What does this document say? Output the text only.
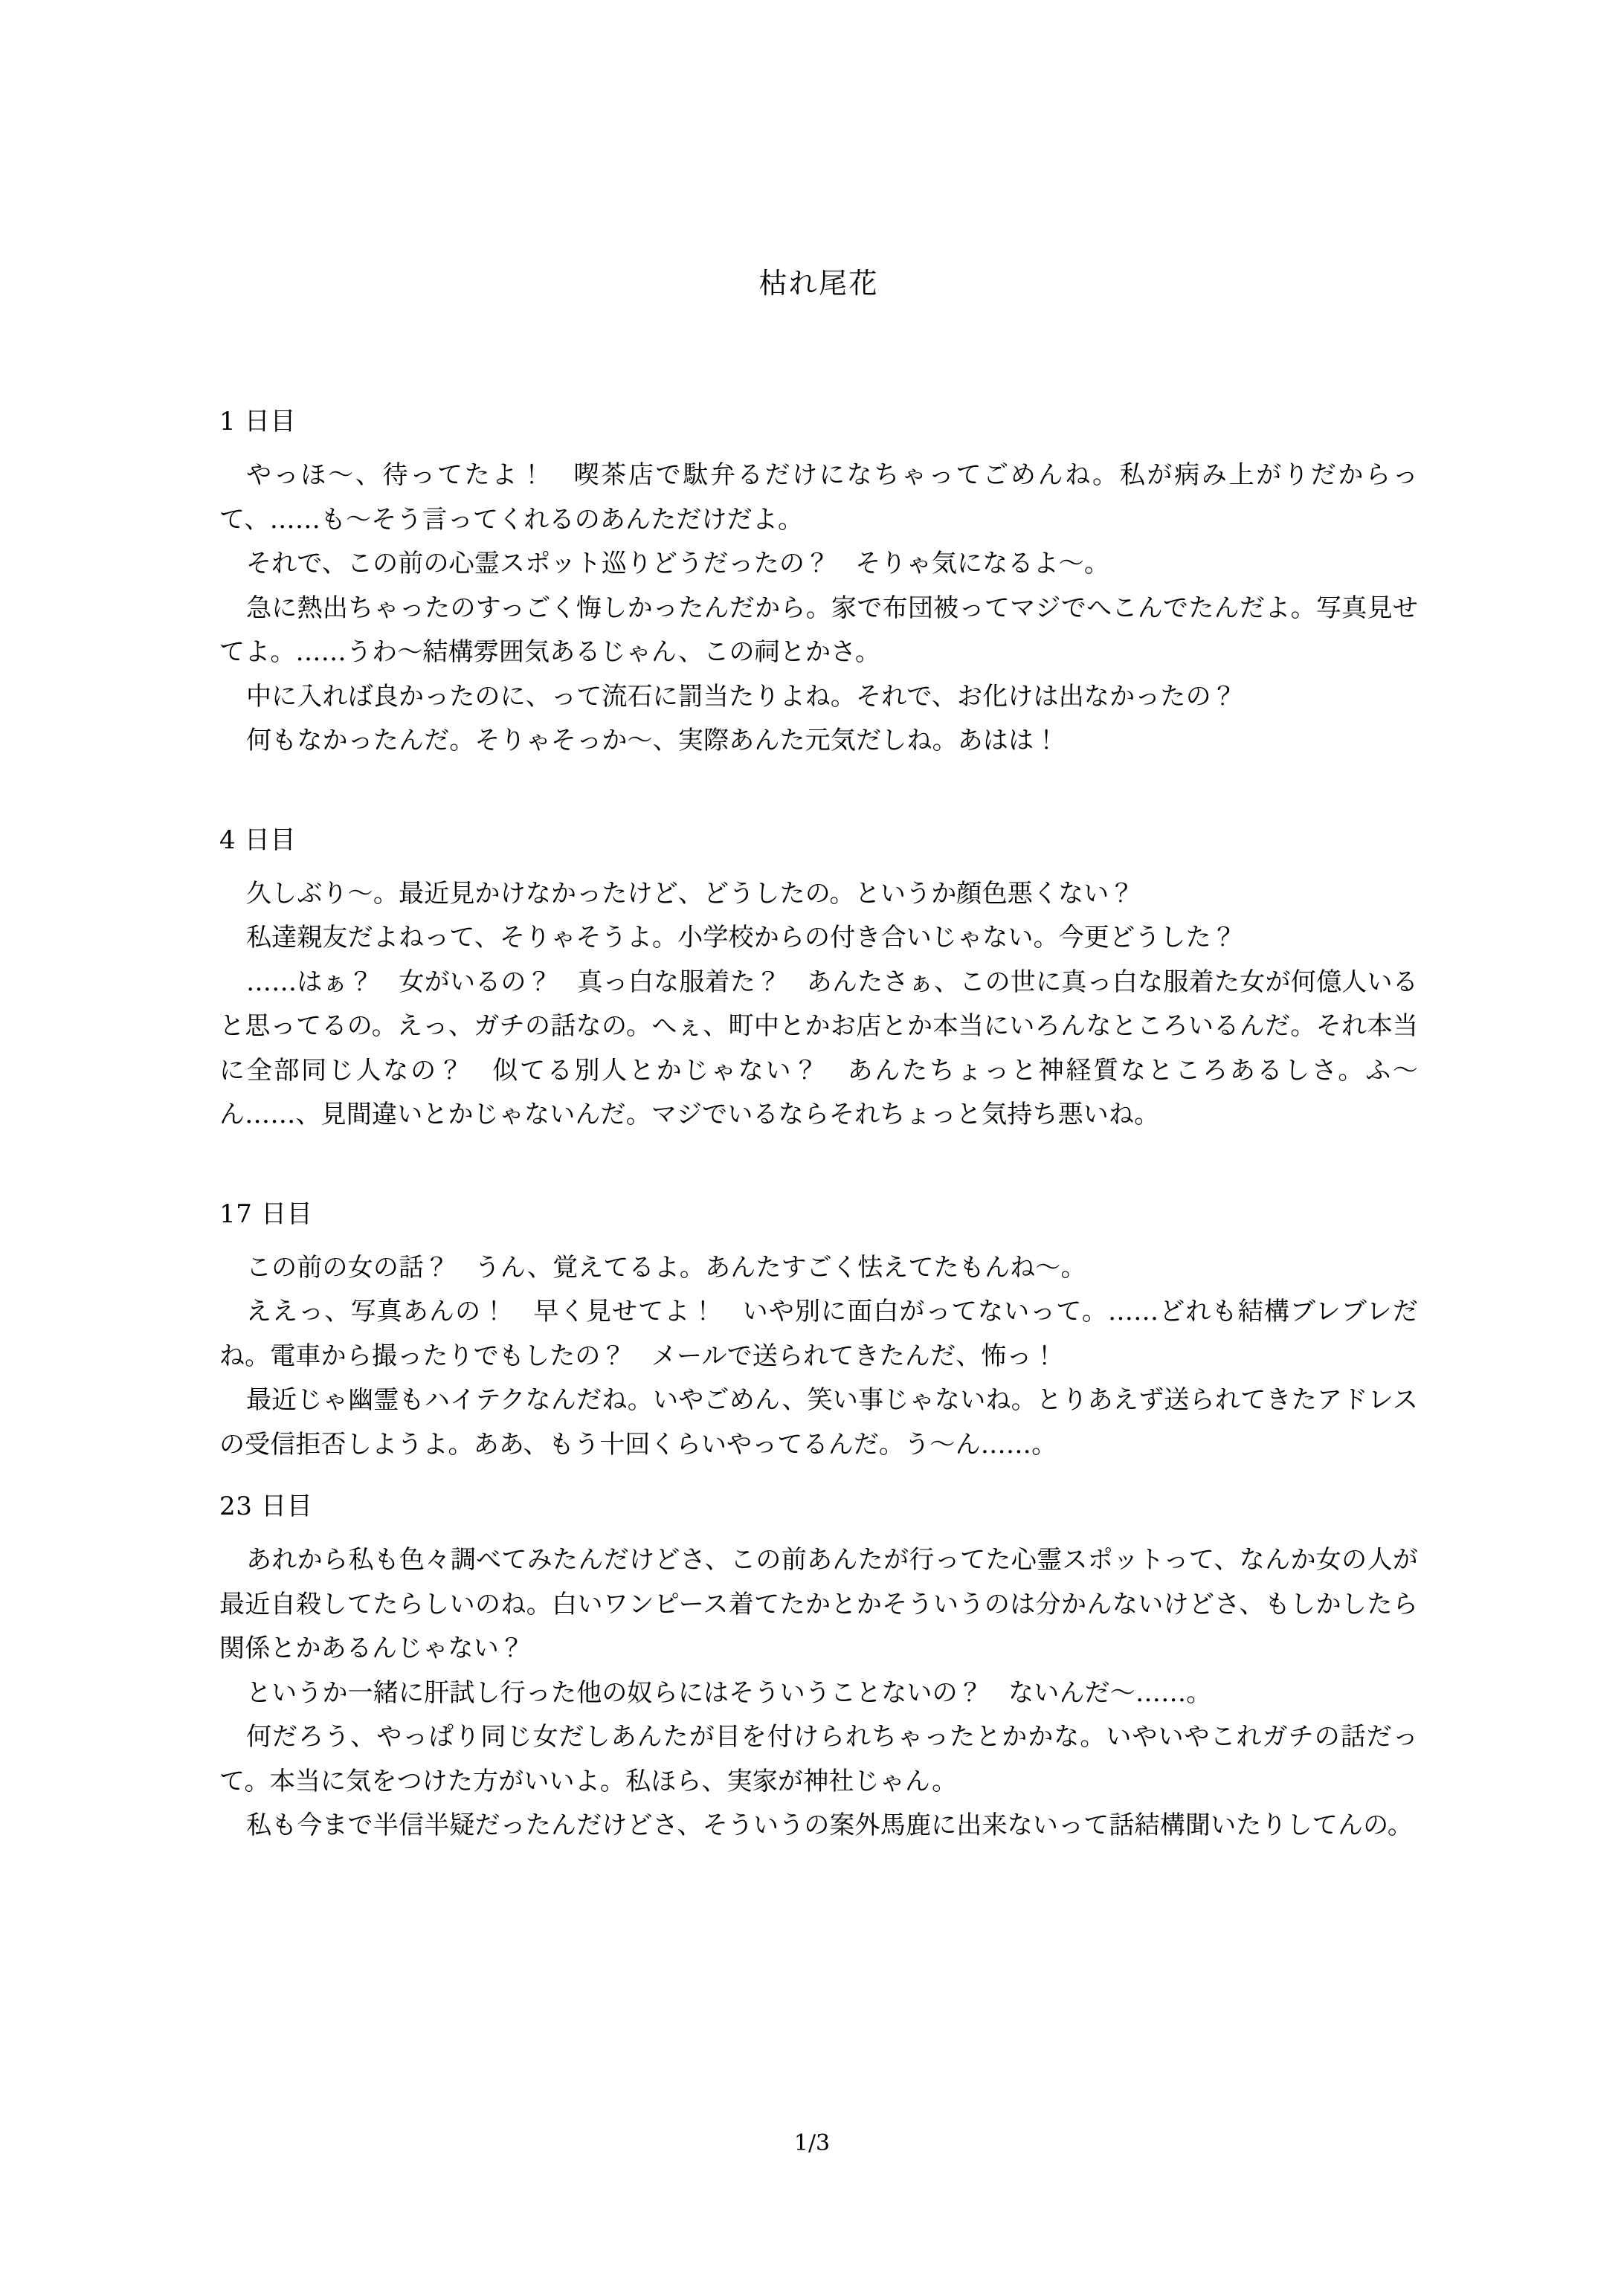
枯れ尾花
1 日目

やっほ〜、待ってたよ！　喫茶店で駄弁るだけになちゃってごめんね。私が病み上がりだからって、……も〜そう言ってくれるのあんただけだよ。

それで、この前の心霊スポット巡りどうだったの？　そりゃ気になるよ〜。

急に熱出ちゃったのすっごく悔しかったんだから。家で布団被ってマジでへこんでたんだよ。写真見せてよ。……うわ〜結構雰囲気あるじゃん、この祠とかさ。

中に入れば良かったのに、って流石に罰当たりよね。それで、お化けは出なかったの？

何もなかったんだ。そりゃそっか〜、実際あんた元気だしね。あはは！

4 日目

久しぶり〜。最近見かけなかったけど、どうしたの。というか顔色悪くない？

私達親友だよねって、そりゃそうよ。小学校からの付き合いじゃない。今更どうした？

……はぁ？　女がいるの？　真っ白な服着た？　あんたさぁ、この世に真っ白な服着た女が何億人いると思ってるの。えっ、ガチの話なの。へぇ、町中とかお店とか本当にいろんなところいるんだ。それ本当に全部同じ人なの？　似てる別人とかじゃない？　あんたちょっと神経質なところあるしさ。ふ〜ん……、見間違いとかじゃないんだ。マジでいるならそれちょっと気持ち悪いね。

17 日目

この前の女の話？　うん、覚えてるよ。あんたすごく怯えてたもんね〜。

ええっ、写真あんの！　早く見せてよ！　いや別に面白がってないって。……どれも結構ブレブレだね。電車から撮ったりでもしたの？　メールで送られてきたんだ、怖っ！

最近じゃ幽霊もハイテクなんだね。いやごめん、笑い事じゃないね。とりあえず送られてきたアドレスの受信拒否しようよ。ああ、もう十回くらいやってるんだ。う〜ん……。

23 日目

あれから私も色々調べてみたんだけどさ、この前あんたが行ってた心霊スポットって、なんか女の人が最近自殺してたらしいのね。白いワンピース着てたかとかそういうのは分かんないけどさ、もしかしたら関係とかあるんじゃない？

というか一緒に肝試し行った他の奴らにはそういうことないの？　ないんだ〜……。

何だろう、やっぱり同じ女だしあんたが目を付けられちゃったとかかな。いやいやこれガチの話だって。本当に気をつけた方がいいよ。私ほら、実家が神社じゃん。

私も今まで半信半疑だったんだけどさ、そういうの案外馬鹿に出来ないって話結構聞いたりしてんの。

1/3
